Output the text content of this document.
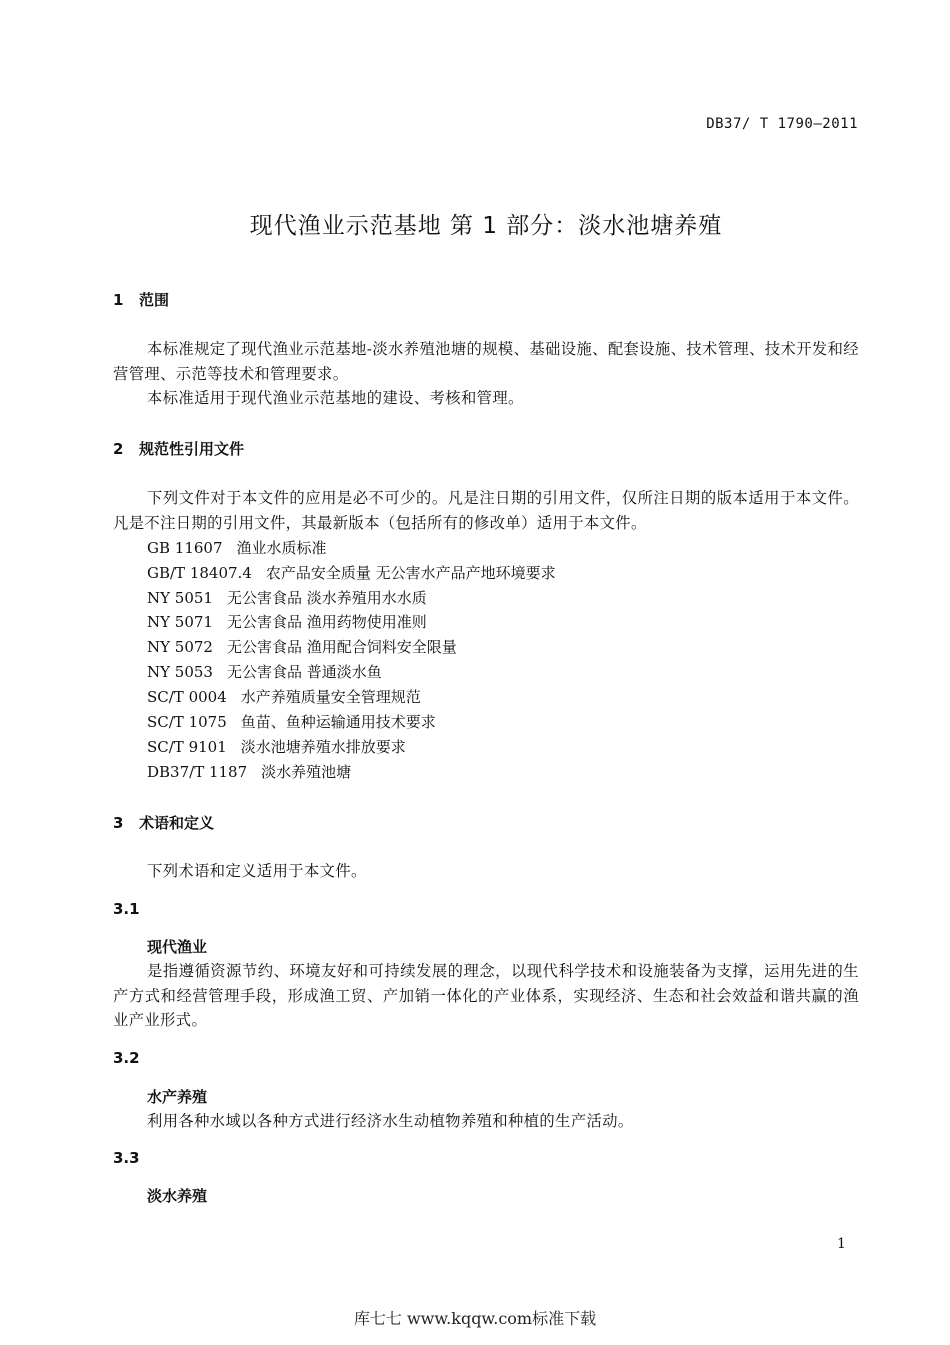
DB37/ T 1790—2011
现代渔业示范基地 第 1 部分：淡水池塘养殖
1 范围
本标准规定了现代渔业示范基地-淡水养殖池塘的规模、基础设施、配套设施、技术管理、技术开发和经营管理、示范等技术和管理要求。
本标准适用于现代渔业示范基地的建设、考核和管理。
2 规范性引用文件
下列文件对于本文件的应用是必不可少的。凡是注日期的引用文件，仅所注日期的版本适用于本文件。凡是不注日期的引用文件，其最新版本（包括所有的修改单）适用于本文件。
GB 11607 渔业水质标准
GB/T 18407.4 农产品安全质量 无公害水产品产地环境要求
NY 5051 无公害食品 淡水养殖用水水质
NY 5071 无公害食品 渔用药物使用准则
NY 5072 无公害食品 渔用配合饲料安全限量
NY 5053 无公害食品 普通淡水鱼
SC/T 0004 水产养殖质量安全管理规范
SC/T 1075 鱼苗、鱼种运输通用技术要求
SC/T 9101 淡水池塘养殖水排放要求
DB37/T 1187 淡水养殖池塘
3 术语和定义
下列术语和定义适用于本文件。
3.1
现代渔业
是指遵循资源节约、环境友好和可持续发展的理念，以现代科学技术和设施装备为支撑，运用先进的生产方式和经营管理手段，形成渔工贸、产加销一体化的产业体系，实现经济、生态和社会效益和谐共赢的渔业产业形式。
3.2
水产养殖
利用各种水域以各种方式进行经济水生动植物养殖和种植的生产活动。
3.3
淡水养殖
1
库七七 www.kqqw.com标准下载
